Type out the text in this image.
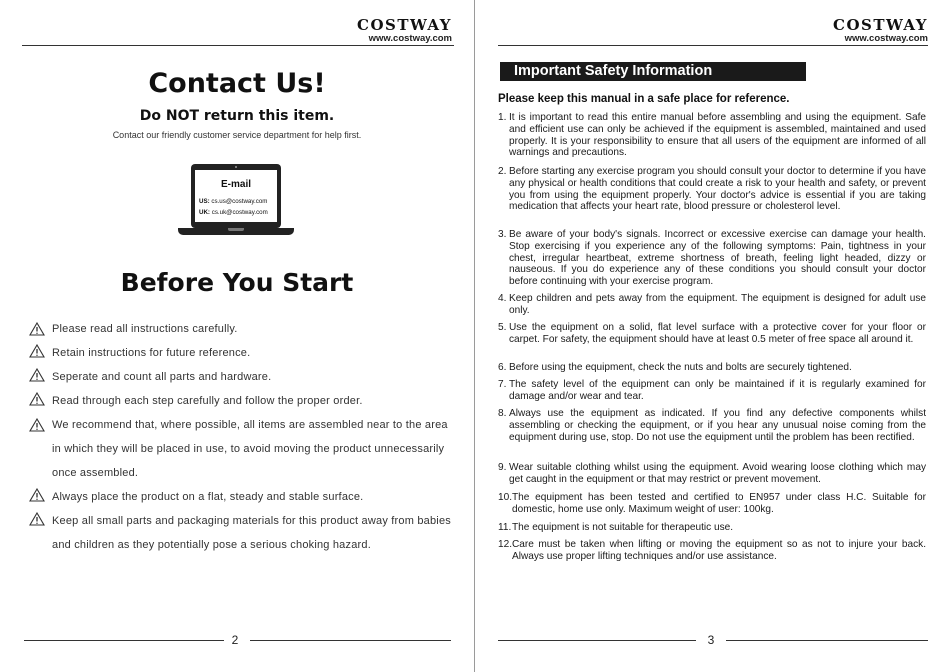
COSTWAY
www.costway.com
Contact Us!
Do NOT return this item.
Contact our friendly customer service department for help first.
E-mail
US: cs.us@costway.com
UK: cs.uk@costway.com
Before You Start
Please read all instructions carefully.
Retain instructions for future reference.
Seperate and count all parts and hardware.
Read through each step carefully and follow the proper order.
We recommend that, where possible, all items are assembled near to the area in which they will be placed in use, to avoid moving the product unnecessarily once assembled.
Always place the product on a flat, steady and stable surface.
Keep all small parts and packaging materials for this product away from babies and children as they potentially pose a serious choking hazard.
2
COSTWAY
www.costway.com
Important Safety Information
Please keep this manual in a safe place for reference.
1. It is important to read this entire manual before assembling and using the equipment. Safe and efficient use can only be achieved if the equipment is assembled, maintained and used properly. It is your responsibility to ensure that all users of the equipment are informed of all warnings and precautions.
2. Before starting any exercise program you should consult your doctor to determine if you have any physical or health conditions that could create a risk to your health and safety, or prevent you from using the equipment properly. Your doctor's advice is essential if you are taking medication that affects your heart rate, blood pressure or cholesterol level.
3. Be aware of your body's signals. Incorrect or excessive exercise can damage your health. Stop exercising if you experience any of the following symptoms: Pain, tightness in your chest, irregular heartbeat, extreme shortness of breath, feeling light headed, dizzy or nauseous. If you do experience any of these conditions you should consult your doctor before continuing with your exercise program.
4. Keep children and pets away from the equipment. The equipment is designed for adult use only.
5. Use the equipment on a solid, flat level surface with a protective cover for your floor or carpet. For safety, the equipment should have at least 0.5 meter of free space all around it.
6. Before using the equipment, check the nuts and bolts are securely tightened.
7. The safety level of the equipment can only be maintained if it is regularly examined for damage and/or wear and tear.
8. Always use the equipment as indicated. If you find any defective components whilst assembling or checking the equipment, or if you hear any unusual noise coming from the equipment during use, stop. Do not use the equipment until the problem has been rectified.
9. Wear suitable clothing whilst using the equipment. Avoid wearing loose clothing which may get caught in the equipment or that may restrict or prevent movement.
10. The equipment has been tested and certified to EN957 under class H.C. Suitable for domestic, home use only. Maximum weight of user: 100kg.
11. The equipment is not suitable for therapeutic use.
12. Care must be taken when lifting or moving the equipment so as not to injure your back. Always use proper lifting techniques and/or use assistance.
3
